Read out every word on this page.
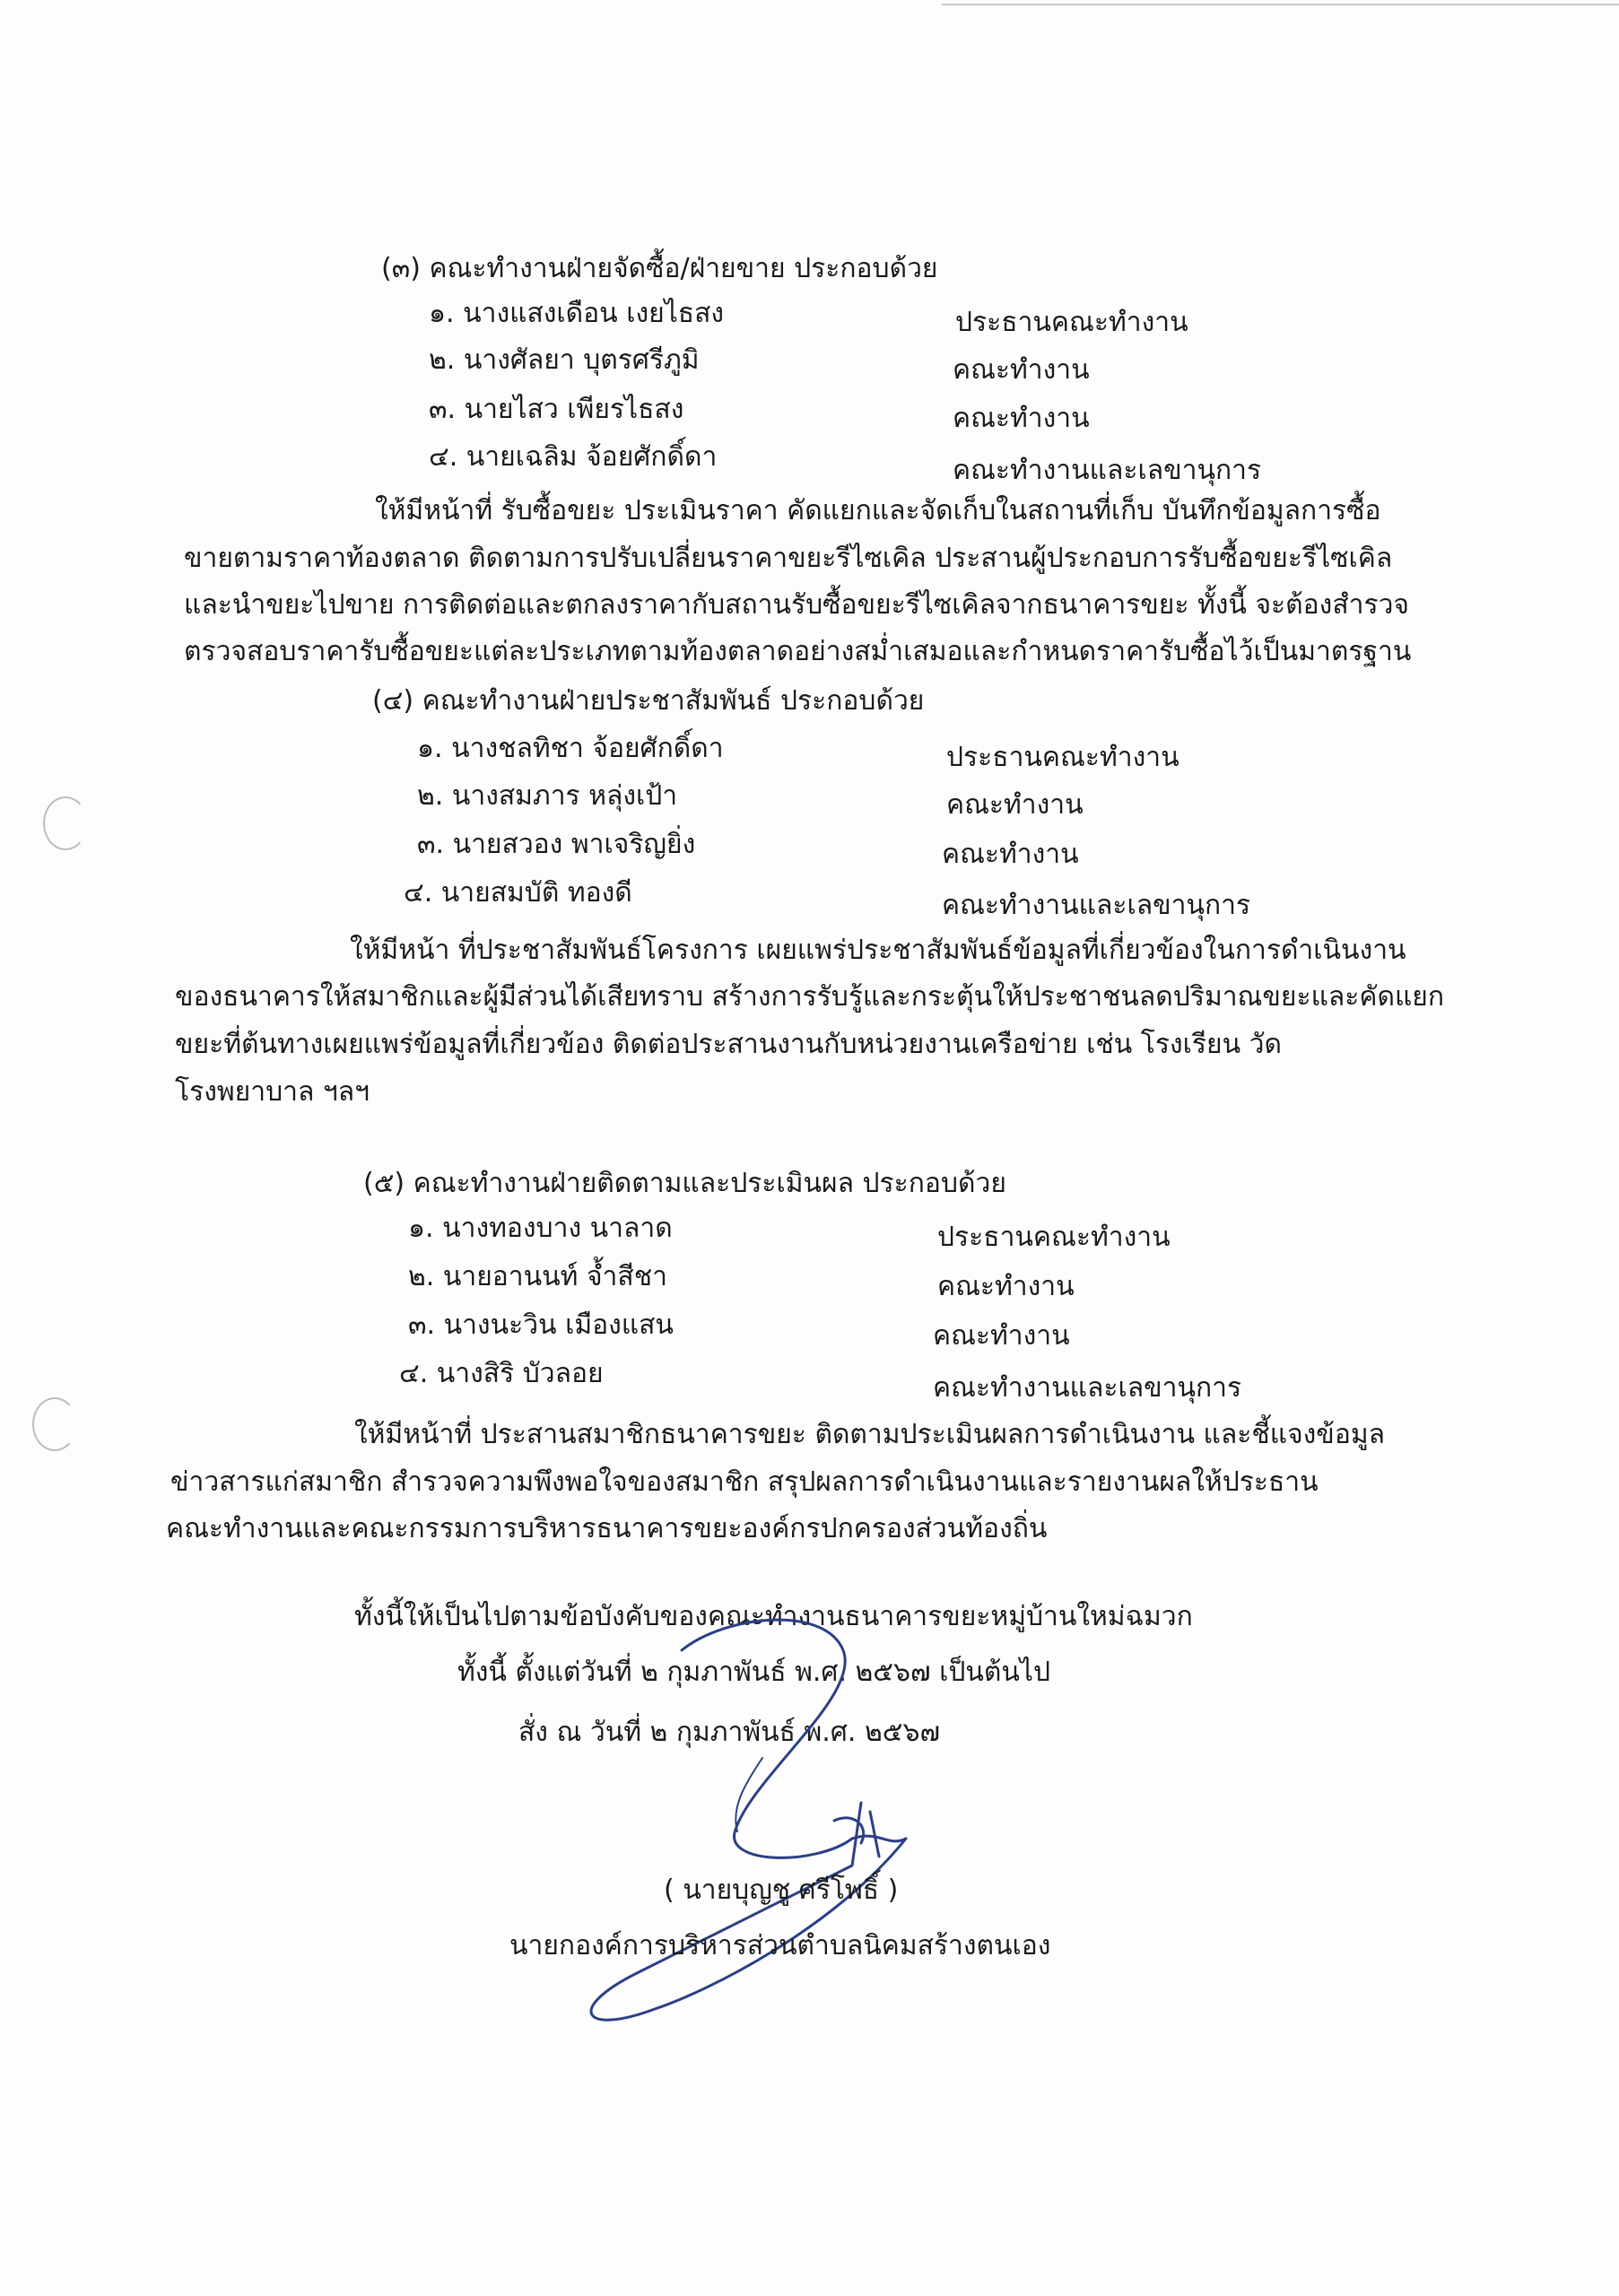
(๓) คณะทำงานฝ่ายจัดซื้อ/ฝ่ายขาย ประกอบด้วย
๑. นางแสงเดือน เงยไธสง	ประธานคณะทำงาน
๒. นางศัลยา บุตรศรีภูมิ	คณะทำงาน
๓. นายไสว เพียรไธสง	คณะทำงาน
๔. นายเฉลิม จ้อยศักดิ์ดา	คณะทำงานและเลขานุการ
ให้มีหน้าที่ รับซื้อขยะ ประเมินราคา คัดแยกและจัดเก็บในสถานที่เก็บ บันทึกข้อมูลการซื้อ
ขายตามราคาท้องตลาด ติดตามการปรับเปลี่ยนราคาขยะรีไซเคิล ประสานผู้ประกอบการรับซื้อขยะรีไซเคิล
และนำขยะไปขาย การติดต่อและตกลงราคากับสถานรับซื้อขยะรีไซเคิลจากธนาคารขยะ ทั้งนี้ จะต้องสำรวจ
ตรวจสอบราคารับซื้อขยะแต่ละประเภทตามท้องตลาดอย่างสม่ำเสมอและกำหนดราคารับซื้อไว้เป็นมาตรฐาน
(๔) คณะทำงานฝ่ายประชาสัมพันธ์ ประกอบด้วย
๑. นางชลทิชา จ้อยศักดิ์ดา	ประธานคณะทำงาน
๒. นางสมภาร หลุ่งเป้า	คณะทำงาน
๓. นายสวอง พาเจริญยิ่ง	คณะทำงาน
๔. นายสมบัติ ทองดี	คณะทำงานและเลขานุการ
ให้มีหน้า ที่ประชาสัมพันธ์โครงการ เผยแพร่ประชาสัมพันธ์ข้อมูลที่เกี่ยวข้องในการดำเนินงาน
ของธนาคารให้สมาชิกและผู้มีส่วนได้เสียทราบ สร้างการรับรู้และกระตุ้นให้ประชาชนลดปริมาณขยะและคัดแยก
ขยะที่ต้นทางเผยแพร่ข้อมูลที่เกี่ยวข้อง ติดต่อประสานงานกับหน่วยงานเครือข่าย เช่น โรงเรียน วัด
โรงพยาบาล ฯลฯ
(๕) คณะทำงานฝ่ายติดตามและประเมินผล ประกอบด้วย
๑. นางทองบาง นาลาด	ประธานคณะทำงาน
๒. นายอานนท์ จ้ำสีชา	คณะทำงาน
๓. นางนะวิน เมืองแสน	คณะทำงาน
๔. นางสิริ บัวลอย	คณะทำงานและเลขานุการ
ให้มีหน้าที่ ประสานสมาชิกธนาคารขยะ ติดตามประเมินผลการดำเนินงาน และชี้แจงข้อมูล
ข่าวสารแก่สมาชิก สำรวจความพึงพอใจของสมาชิก สรุปผลการดำเนินงานและรายงานผลให้ประธาน
คณะทำงานและคณะกรรมการบริหารธนาคารขยะองค์กรปกครองส่วนท้องถิ่น
ทั้งนี้ให้เป็นไปตามข้อบังคับของคณะทำงานธนาคารขยะหมู่บ้านใหม่ฉมวก
ทั้งนี้ ตั้งแต่วันที่ ๒ กุมภาพันธ์ พ.ศ. ๒๕๖๗ เป็นต้นไป
สั่ง ณ วันที่ ๒ กุมภาพันธ์ พ.ศ. ๒๕๖๗
( นายบุญชู ศรีโพธิ์ )
นายกองค์การบริหารส่วนตำบลนิคมสร้างตนเอง
